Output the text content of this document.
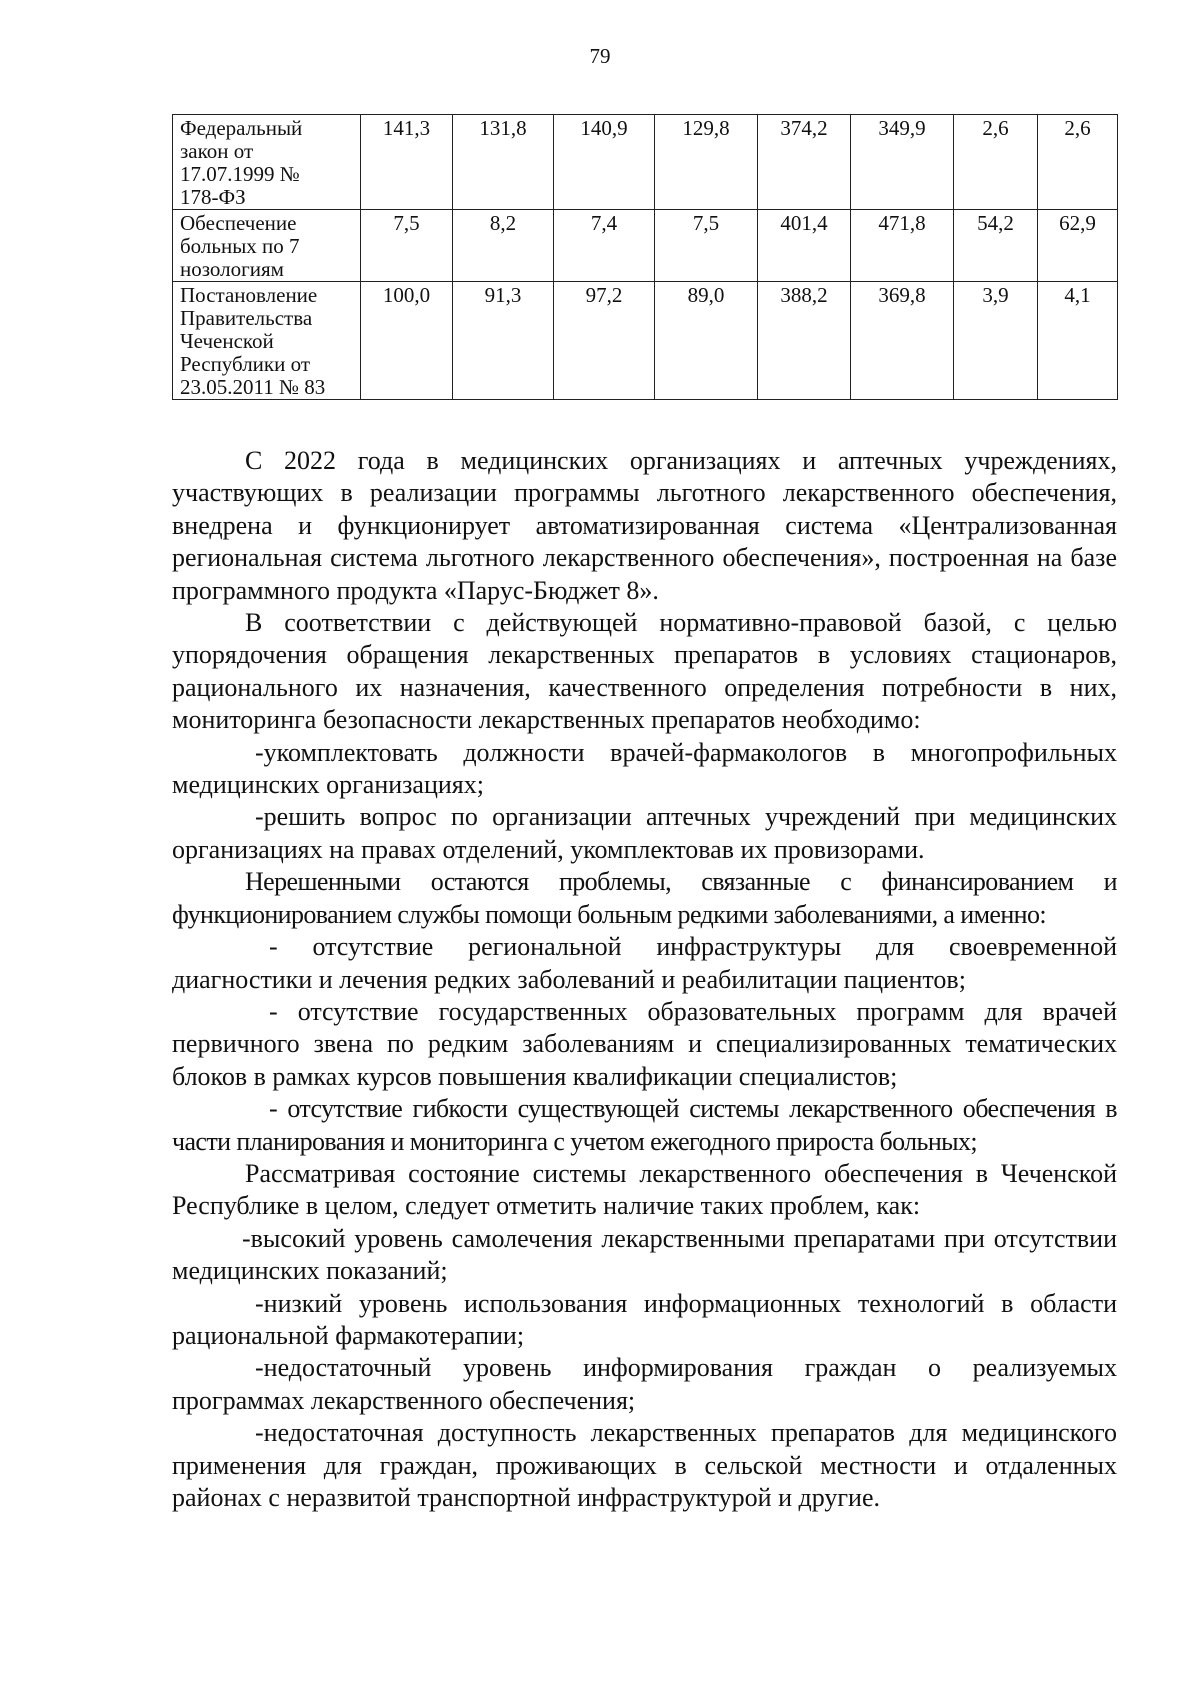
79
Федеральный
закон от
17.07.1999 №
178-ФЗ	141,3	131,8	140,9	129,8	374,2	349,9	2,6	2,6

Обеспечение
больных по 7
нозологиям	7,5	8,2	7,4	7,5	401,4	471,8	54,2	62,9

Постановление
Правительства
Чеченской
Республики от
23.05.2011 № 83	100,0	91,3	97,2	89,0	388,2	369,8	3,9	4,1

С 2022 года в медицинских организациях и аптечных учреждениях, участвующих в реализации программы льготного лекарственного обеспечения, внедрена и функционирует автоматизированная система «Централизованная региональная система льготного лекарственного обеспечения», построенная на базе программного продукта «Парус-Бюджет 8».

В соответствии с действующей нормативно-правовой базой, с целью упорядочения обращения лекарственных препаратов в условиях стационаров, рационального их назначения, качественного определения потребности в них, мониторинга безопасности лекарственных препаратов необходимо:

-укомплектовать должности врачей-фармакологов в многопрофильных медицинских организациях;

-решить вопрос по организации аптечных учреждений при медицинских организациях на правах отделений, укомплектовав их провизорами.

Нерешенными остаются проблемы, связанные с финансированием и функционированием службы помощи больным редкими заболеваниями, а именно:

- отсутствие региональной инфраструктуры для своевременной диагностики и лечения редких заболеваний и реабилитации пациентов;

- отсутствие государственных образовательных программ для врачей первичного звена по редким заболеваниям и специализированных тематических блоков в рамках курсов повышения квалификации специалистов;

- отсутствие гибкости существующей системы лекарственного обеспечения в части планирования и мониторинга с учетом ежегодного прироста больных;

Рассматривая состояние системы лекарственного обеспечения в Чеченской Республике в целом, следует отметить наличие таких проблем, как:

-высокий уровень самолечения лекарственными препаратами при отсутствии медицинских показаний;

-низкий уровень использования информационных технологий в области рациональной фармакотерапии;

-недостаточный уровень информирования граждан о реализуемых программах лекарственного обеспечения;

-недостаточная доступность лекарственных препаратов для медицинского применения для граждан, проживающих в сельской местности и отдаленных районах с неразвитой транспортной инфраструктурой и другие.
